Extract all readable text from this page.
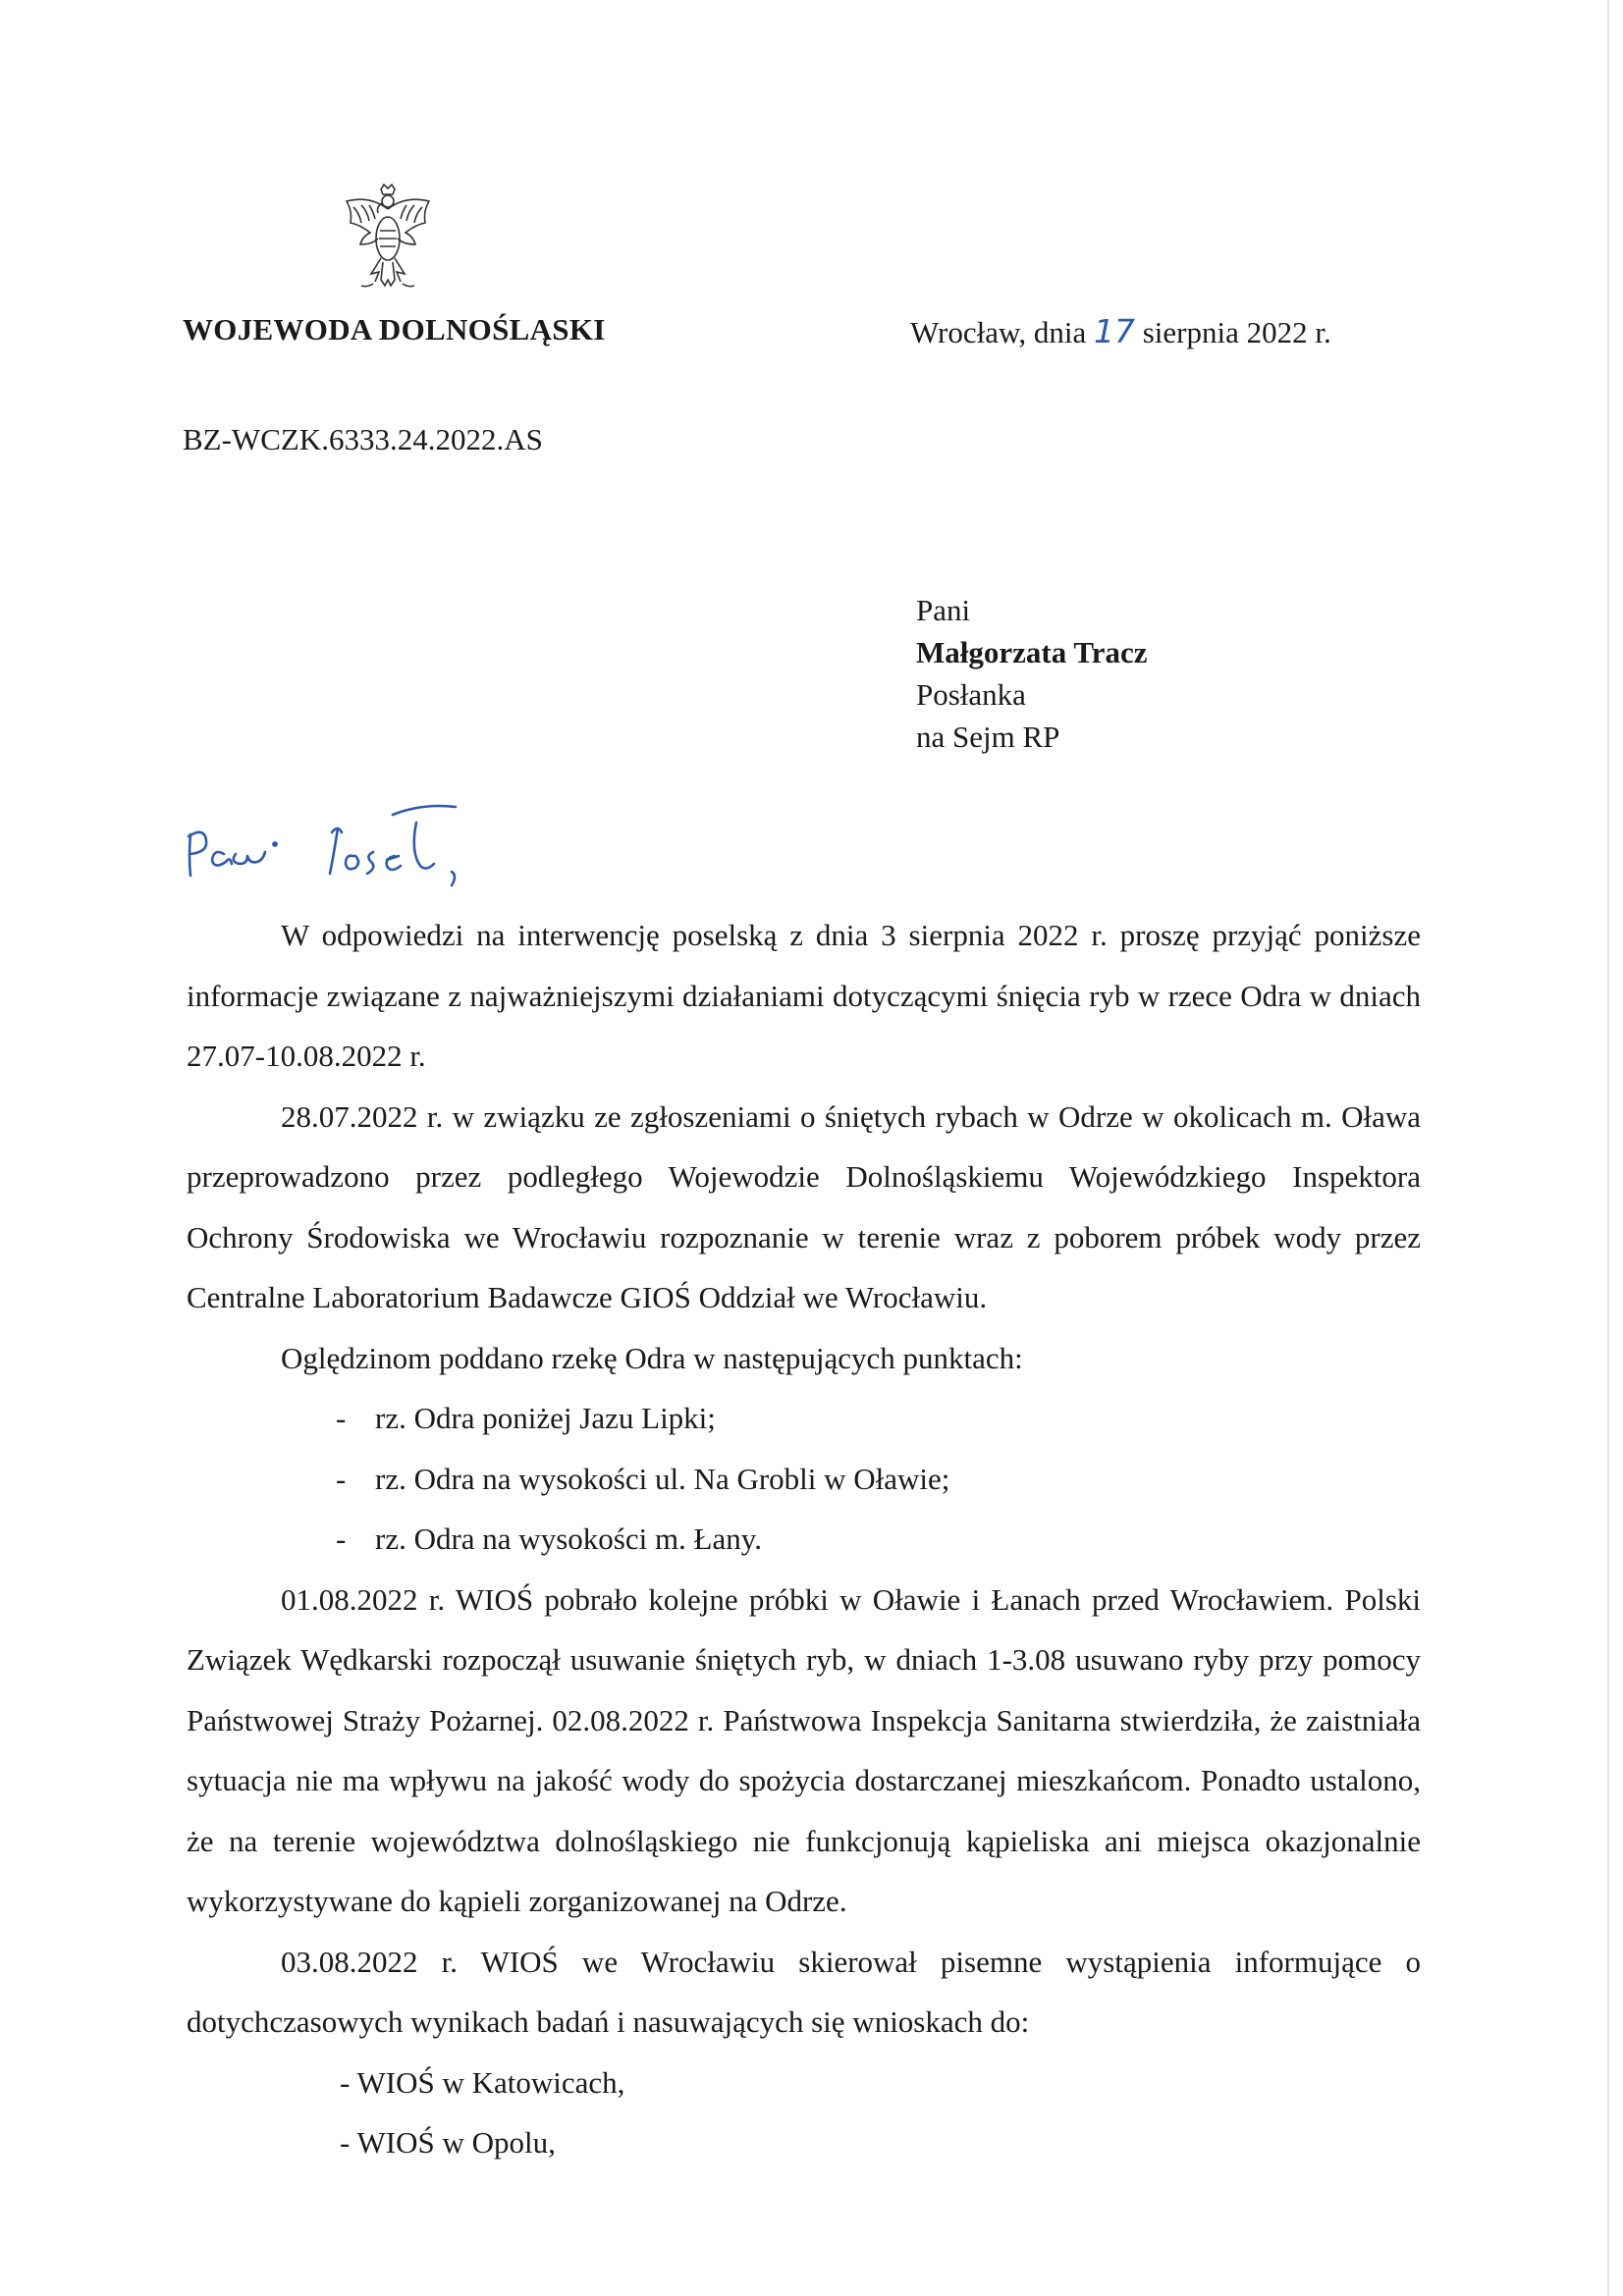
WOJEWODA DOLNOŚLĄSKI	Wrocław, dnia 17 sierpnia 2022 r.
BZ-WCZK.6333.24.2022.AS
Pani
Małgorzata Tracz
Posłanka
na Sejm RP

W odpowiedzi na interwencję poselską z dnia 3 sierpnia 2022 r. proszę przyjąć poniższe informacje związane z najważniejszymi działaniami dotyczącymi śnięcia ryb w rzece Odra w dniach 27.07-10.08.2022 r.

28.07.2022 r. w związku ze zgłoszeniami o śniętych rybach w Odrze w okolicach m. Oława przeprowadzono przez podległego Wojewodzie Dolnośląskiemu Wojewódzkiego Inspektora Ochrony Środowiska we Wrocławiu rozpoznanie w terenie wraz z poborem próbek wody przez Centralne Laboratorium Badawcze GIOŚ Oddział we Wrocławiu.

Oględzinom poddano rzekę Odra w następujących punktach:

- rz. Odra poniżej Jazu Lipki;
- rz. Odra na wysokości ul. Na Grobli w Oławie;
- rz. Odra na wysokości m. Łany.

01.08.2022 r. WIOŚ pobrało kolejne próbki w Oławie i Łanach przed Wrocławiem. Polski Związek Wędkarski rozpoczął usuwanie śniętych ryb, w dniach 1-3.08 usuwano ryby przy pomocy Państwowej Straży Pożarnej. 02.08.2022 r. Państwowa Inspekcja Sanitarna stwierdziła, że zaistniała sytuacja nie ma wpływu na jakość wody do spożycia dostarczanej mieszkańcom. Ponadto ustalono, że na terenie województwa dolnośląskiego nie funkcjonują kąpieliska ani miejsca okazjonalnie wykorzystywane do kąpieli zorganizowanej na Odrze.

03.08.2022 r. WIOŚ we Wrocławiu skierował pisemne wystąpienia informujące o dotychczasowych wynikach badań i nasuwających się wnioskach do:

- WIOŚ w Katowicach,
- WIOŚ w Opolu,
